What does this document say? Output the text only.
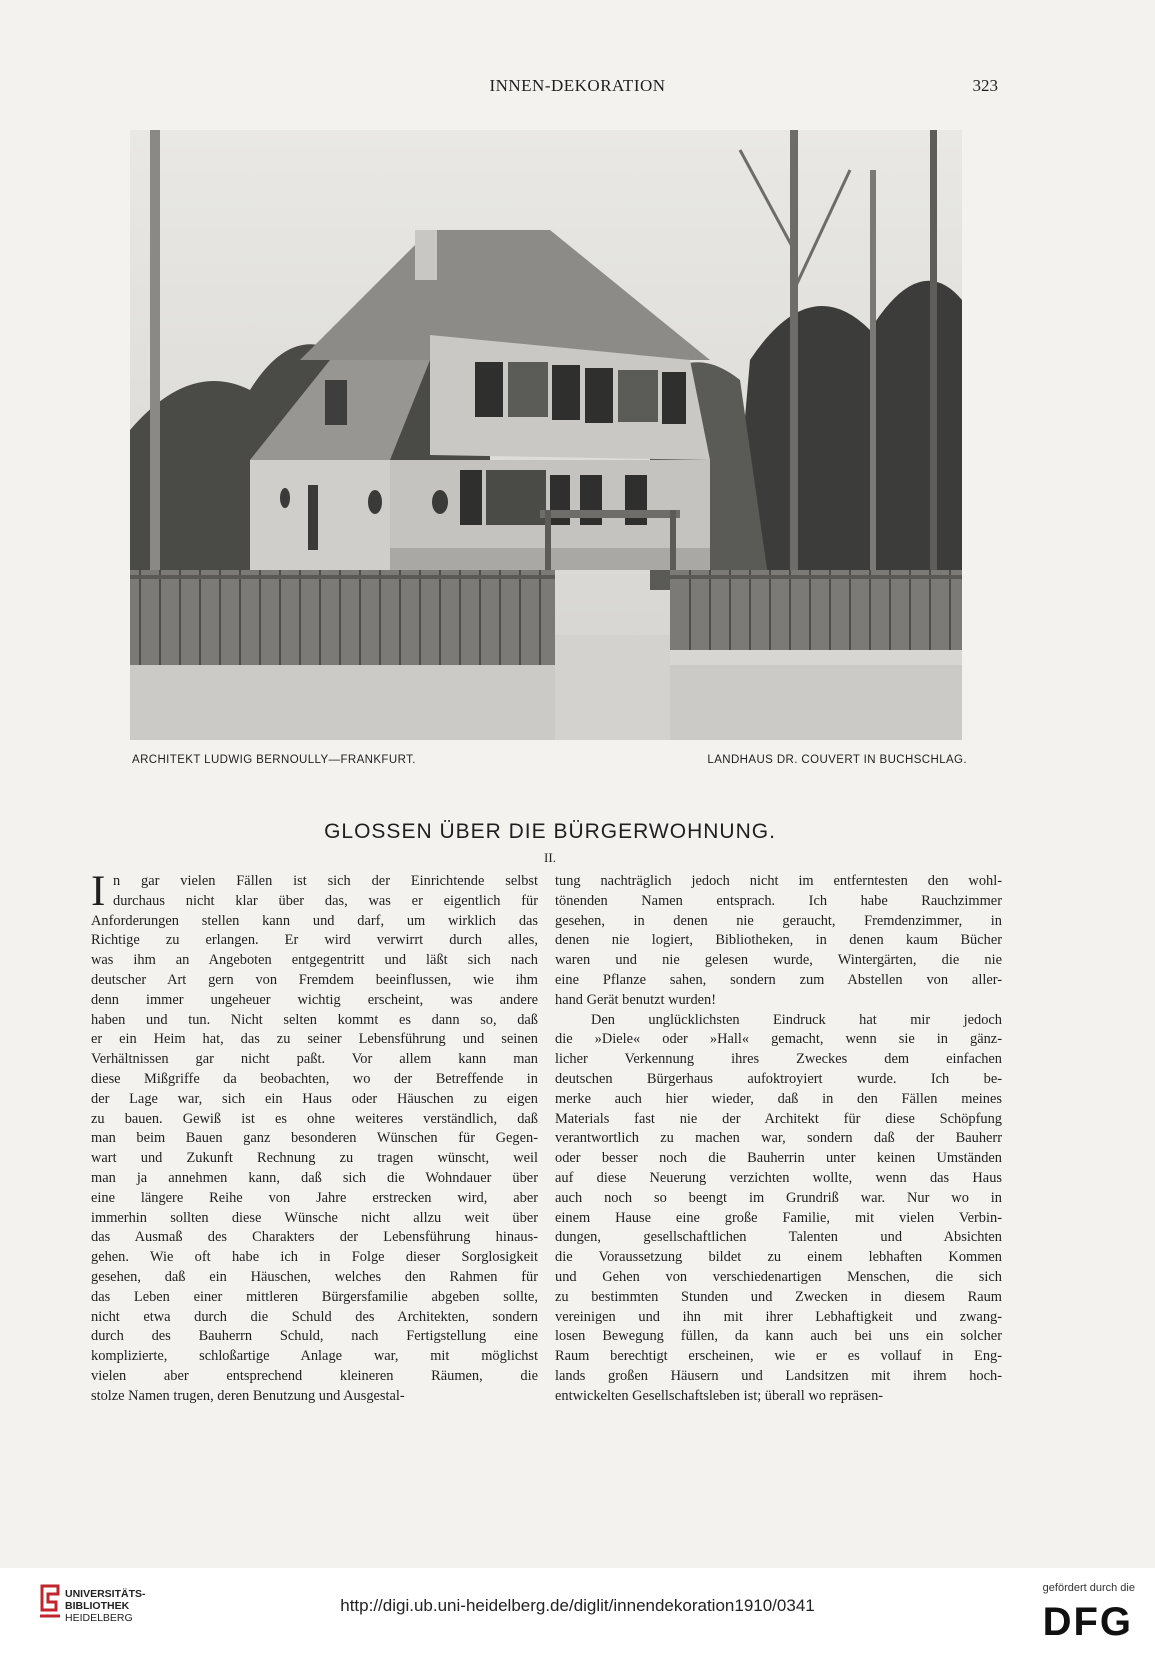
INNEN-DEKORATION	323
ARCHITEKT LUDWIG BERNOULLY—FRANKFURT.	LANDHAUS DR. COUVERT IN BUCHSCHLAG.
GLOSSEN ÜBER DIE BÜRGERWOHNUNG.
II.
I n gar vielen Fällen ist sich der Einrichtende selbst
durchaus nicht klar über das, was er eigentlich für
Anforderungen stellen kann und darf, um wirklich das
Richtige zu erlangen. Er wird verwirrt durch alles,
was ihm an Angeboten entgegentritt und läßt sich nach
deutscher Art gern von Fremdem beeinflussen, wie ihm
denn immer ungeheuer wichtig erscheint, was andere
haben und tun. Nicht selten kommt es dann so, daß
er ein Heim hat, das zu seiner Lebensführung und seinen
Verhältnissen gar nicht paßt. Vor allem kann man
diese Mißgriffe da beobachten, wo der Betreffende in
der Lage war, sich ein Haus oder Häuschen zu eigen
zu bauen. Gewiß ist es ohne weiteres verständlich, daß
man beim Bauen ganz besonderen Wünschen für Gegen-
wart und Zukunft Rechnung zu tragen wünscht, weil
man ja annehmen kann, daß sich die Wohndauer über
eine längere Reihe von Jahre erstrecken wird, aber
immerhin sollten diese Wünsche nicht allzu weit über
das Ausmaß des Charakters der Lebensführung hinaus-
gehen. Wie oft habe ich in Folge dieser Sorglosigkeit
gesehen, daß ein Häuschen, welches den Rahmen für
das Leben einer mittleren Bürgersfamilie abgeben sollte,
nicht etwa durch die Schuld des Architekten, sondern
durch des Bauherrn Schuld, nach Fertigstellung eine
komplizierte, schloßartige Anlage war, mit möglichst
vielen aber entsprechend kleineren Räumen, die
stolze Namen trugen, deren Benutzung und Ausgestal-
tung nachträglich jedoch nicht im entferntesten den wohl-
tönenden Namen entsprach. Ich habe Rauchzimmer
gesehen, in denen nie geraucht, Fremdenzimmer, in
denen nie logiert, Bibliotheken, in denen kaum Bücher
waren und nie gelesen wurde, Wintergärten, die nie
eine Pflanze sahen, sondern zum Abstellen von aller-
hand Gerät benutzt wurden!
Den unglücklichsten Eindruck hat mir jedoch
die »Diele« oder »Hall« gemacht, wenn sie in gänz-
licher Verkennung ihres Zweckes dem einfachen
deutschen Bürgerhaus aufoktroyiert wurde. Ich be-
merke auch hier wieder, daß in den Fällen meines
Materials fast nie der Architekt für diese Schöpfung
verantwortlich zu machen war, sondern daß der Bauherr
oder besser noch die Bauherrin unter keinen Umständen
auf diese Neuerung verzichten wollte, wenn das Haus
auch noch so beengt im Grundriß war. Nur wo in
einem Hause eine große Familie, mit vielen Verbin-
dungen, gesellschaftlichen Talenten und Absichten
die Voraussetzung bildet zu einem lebhaften Kommen
und Gehen von verschiedenartigen Menschen, die sich
zu bestimmten Stunden und Zwecken in diesem Raum
vereinigen und ihn mit ihrer Lebhaftigkeit und zwang-
losen Bewegung füllen, da kann auch bei uns ein solcher
Raum berechtigt erscheinen, wie er es vollauf in Eng-
lands großen Häusern und Landsitzen mit ihrem hoch-
entwickelten Gesellschaftsleben ist; überall wo repräsen-
UNIVERSITÄTS-
BIBLIOTHEK
HEIDELBERG
http://digi.ub.uni-heidelberg.de/diglit/innendekoration1910/0341
gefördert durch die
DFG
